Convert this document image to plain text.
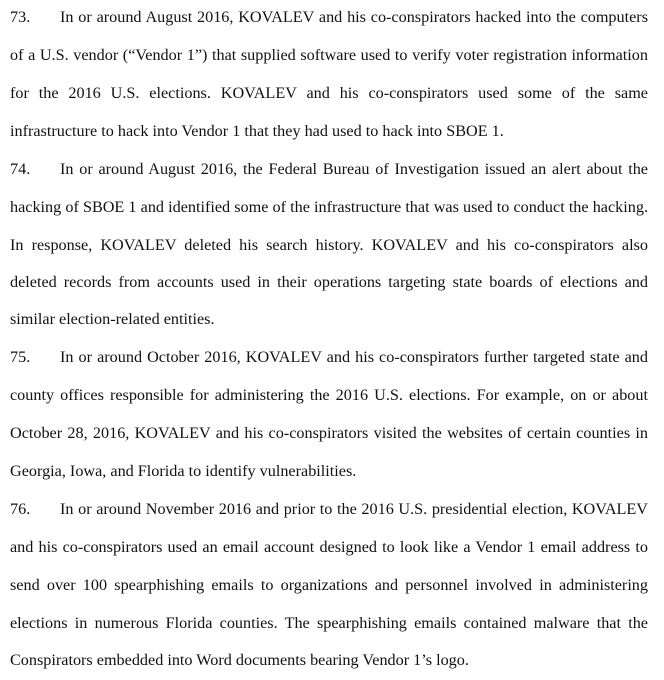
73.	In or around August 2016, KOVALEV and his co-conspirators hacked into the computers
of a U.S. vendor (“Vendor 1”) that supplied software used to verify voter registration information
for the 2016 U.S. elections. KOVALEV and his co-conspirators used some of the same
infrastructure to hack into Vendor 1 that they had used to hack into SBOE 1.
74.	In or around August 2016, the Federal Bureau of Investigation issued an alert about the
hacking of SBOE 1 and identified some of the infrastructure that was used to conduct the hacking.
In response, KOVALEV deleted his search history. KOVALEV and his co-conspirators also
deleted records from accounts used in their operations targeting state boards of elections and
similar election-related entities.
75.	In or around October 2016, KOVALEV and his co-conspirators further targeted state and
county offices responsible for administering the 2016 U.S. elections. For example, on or about
October 28, 2016, KOVALEV and his co-conspirators visited the websites of certain counties in
Georgia, Iowa, and Florida to identify vulnerabilities.
76.	In or around November 2016 and prior to the 2016 U.S. presidential election, KOVALEV
and his co-conspirators used an email account designed to look like a Vendor 1 email address to
send over 100 spearphishing emails to organizations and personnel involved in administering
elections in numerous Florida counties. The spearphishing emails contained malware that the
Conspirators embedded into Word documents bearing Vendor 1’s logo.
